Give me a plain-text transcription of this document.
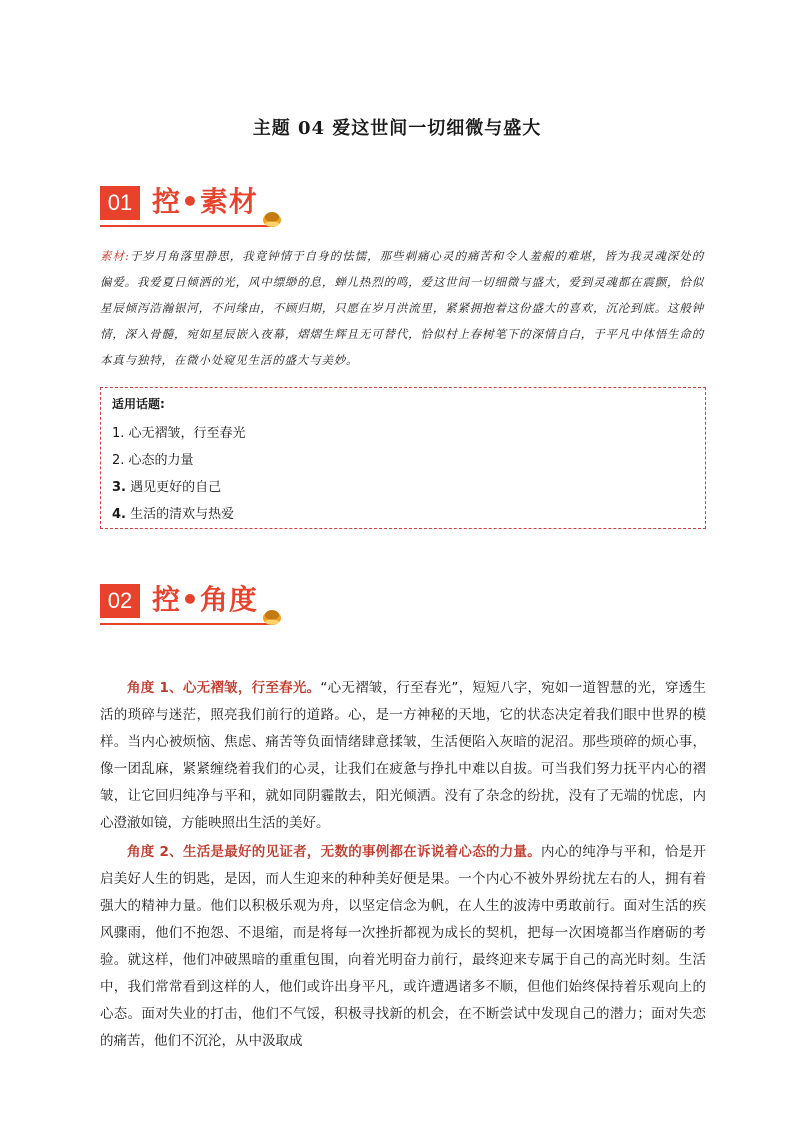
主题 04 爱这世间一切细微与盛大
01 控•素材
素材:于岁月角落里静思，我竟钟情于自身的怯懦，那些刺痛心灵的痛苦和令人羞赧的难堪，皆为我灵魂深处的偏爱。我爱夏日倾洒的光，风中缥缈的息，蝉儿热烈的鸣，爱这世间一切细微与盛大，爱到灵魂都在震颤，恰似星辰倾泻浩瀚银河，不问缘由，不顾归期，只愿在岁月洪流里，紧紧拥抱着这份盛大的喜欢，沉沦到底。这般钟情，深入骨髓，宛如星辰嵌入夜幕，熠熠生辉且无可替代，恰似村上春树笔下的深情自白，于平凡中体悟生命的本真与独特，在微小处窥见生活的盛大与美妙。
适用话题:
1. 心无褶皱，行至春光
2. 心态的力量
3. 遇见更好的自己
4. 生活的清欢与热爱
02 控•角度

角度 1、心无褶皱，行至春光。“心无褶皱，行至春光”，短短八字，宛如一道智慧的光，穿透生活的琐碎与迷茫，照亮我们前行的道路。心，是一方神秘的天地，它的状态决定着我们眼中世界的模样。当内心被烦恼、焦虑、痛苦等负面情绪肆意揉皱，生活便陷入灰暗的泥沼。那些琐碎的烦心事，像一团乱麻，紧紧缠绕着我们的心灵，让我们在疲惫与挣扎中难以自拔。可当我们努力抚平内心的褶皱，让它回归纯净与平和，就如同阴霾散去，阳光倾洒。没有了杂念的纷扰，没有了无端的忧虑，内心澄澈如镜，方能映照出生活的美好。

角度 2、生活是最好的见证者，无数的事例都在诉说着心态的力量。内心的纯净与平和，恰是开启美好人生的钥匙，是因，而人生迎来的种种美好便是果。一个内心不被外界纷扰左右的人，拥有着强大的精神力量。他们以积极乐观为舟，以坚定信念为帆，在人生的波涛中勇敢前行。面对生活的疾风骤雨，他们不抱怨、不退缩，而是将每一次挫折都视为成长的契机，把每一次困境都当作磨砺的考验。就这样，他们冲破黑暗的重重包围，向着光明奋力前行，最终迎来专属于自己的高光时刻。生活中，我们常常看到这样的人，他们或许出身平凡，或许遭遇诸多不顺，但他们始终保持着乐观向上的心态。面对失业的打击，他们不气馁，积极寻找新的机会，在不断尝试中发现自己的潜力；面对失恋的痛苦，他们不沉沦，从中汲取成
